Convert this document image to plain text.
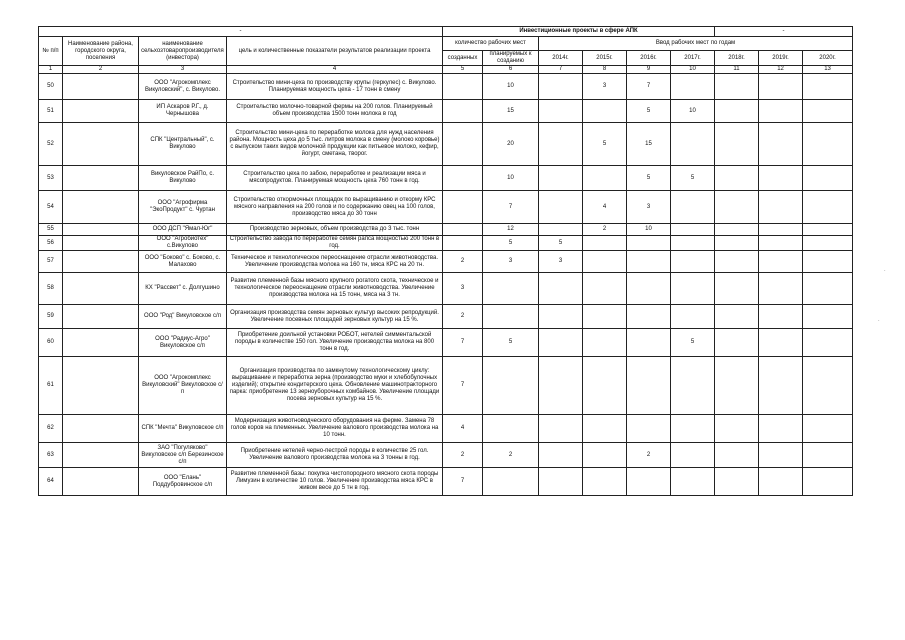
-				Инвестиционные проекты в сфере АПК						-		
№ п/п	Наименование района, городского округа, поселения	наименование сельхозтоваропроизводителя (инвестора)	цель и количественные показатели результатов реализации проекта	количество рабочих мест		Ввод рабочих мест по годам						
				созданных	планируемых к созданию							
						2014г.	2015г.	2016г.	2017г.	2018г.	2019г.	2020г.
1	2	3	4	5	6	7	8	9	10	11	12	13
50		ООО "Агрокомплекс Викуловский", с. Викулово.	Строительство мини-цеха по производству крупы (геркулес) с. Викулово. Планируемая мощность цеха - 17 тонн в смену		10		3	7				
51		ИП Аскаров Р.Г., д. Чернышова	Строительство молочно-товарной фермы на 200 голов. Планируемый объем производства 1500 тонн молока в год		15			5	10			
52		СПК "Центральный", с. Викулово	Строительство мини-цеха по переработке молока для нужд населения района. Мощность цеха до 5 тыс. литров молока в смену (молоко коровье) с выпуском таких видов молочной продукции как питьевое молоко, кефир, йогурт, сметана, творог.		20		5	15				
53		Викуловское РайПо, с. Викулово	Строительство цеха по забою, переработке и реализации мяса и мясопродуктов. Планируемая мощность цеха 760 тонн в год.		10			5	5			
54		ООО "Агрофирма "ЭкоПродукт" с. Чуртан	Строительство откормочных площадок по выращиванию и откорму КРС мясного направления на 200 голов и по содержанию овец на 100 голов, производство мяса до 30 тонн		7		4	3				
55		ООО ДСП "Ямал-Юг"	Производство зерновых, объем производства до 3 тыс. тонн		12		2	10				
56		ООО "Агробиотех" с.Викулово	Строительство завода по переработке семян рапса мощностью 200 тонн в год.		5	5						
57		ООО "Боково" с. Боково, с. Малахово	Техническое и технологическое переоснащение отрасли животноводства. Увеличение производства молока на 160 тн, мяса КРС на 20 тн.	2	3	3						
58		КХ "Рассвет" с. Долгушино	Развитие племенной базы мясного крупного рогатого скота, техническое и технологическое переоснащение отрасли животноводства. Увеличение производства молока на 15 тонн, мяса на 3 тн.	3								
59		ООО "Род" Викуловское с/п	Организация производства семян зерновых культур высоких репродукций. Увеличение посевных площадей зерновых культур на 15 %.	2								
60		ООО "Радиус-Агро" Викуловское с/п	Приобретение доильной установки РОБОТ, нетелей симментальской породы в количестве 150 гол. Увеличение производства молока на 800 тонн в год.	7	5				5			
61		ООО "Агрокомплекс Викуловский" Викуловское с/п	Организация производства по замкнутому технологическому циклу: выращивание и переработка зерна (производство муки и хлебобулочных изделий); открытие кондитерского цеха. Обновление машинотракторного парка: приобретение 13 зерноуборочных комбайнов. Увеличение площади посева зерновых культур на 15 %.	7								
62		СПК "Мечта" Викуловское с/п	Модернизация животноводческого оборудования на ферме. Замена 78 голов коров на племенных. Увеличение валового производства молока на 10 тонн.	4								
63		ЗАО "Погуляково" Викуловское с/п Березинское с/п	Приобретение нетелей черно-пестрой породы в количестве 25 гол. Увеличение валового производства молока на 3 тонны в год.	2	2			2				
64		ООО "Елань" Поддубровинское с/п	Развитие племенной базы: покупка чистопородного мясного скота породы Лимузин в количестве 10 голов. Увеличение производства мяса КРС в живом весе до 5 тн в год.	7								
·
·
